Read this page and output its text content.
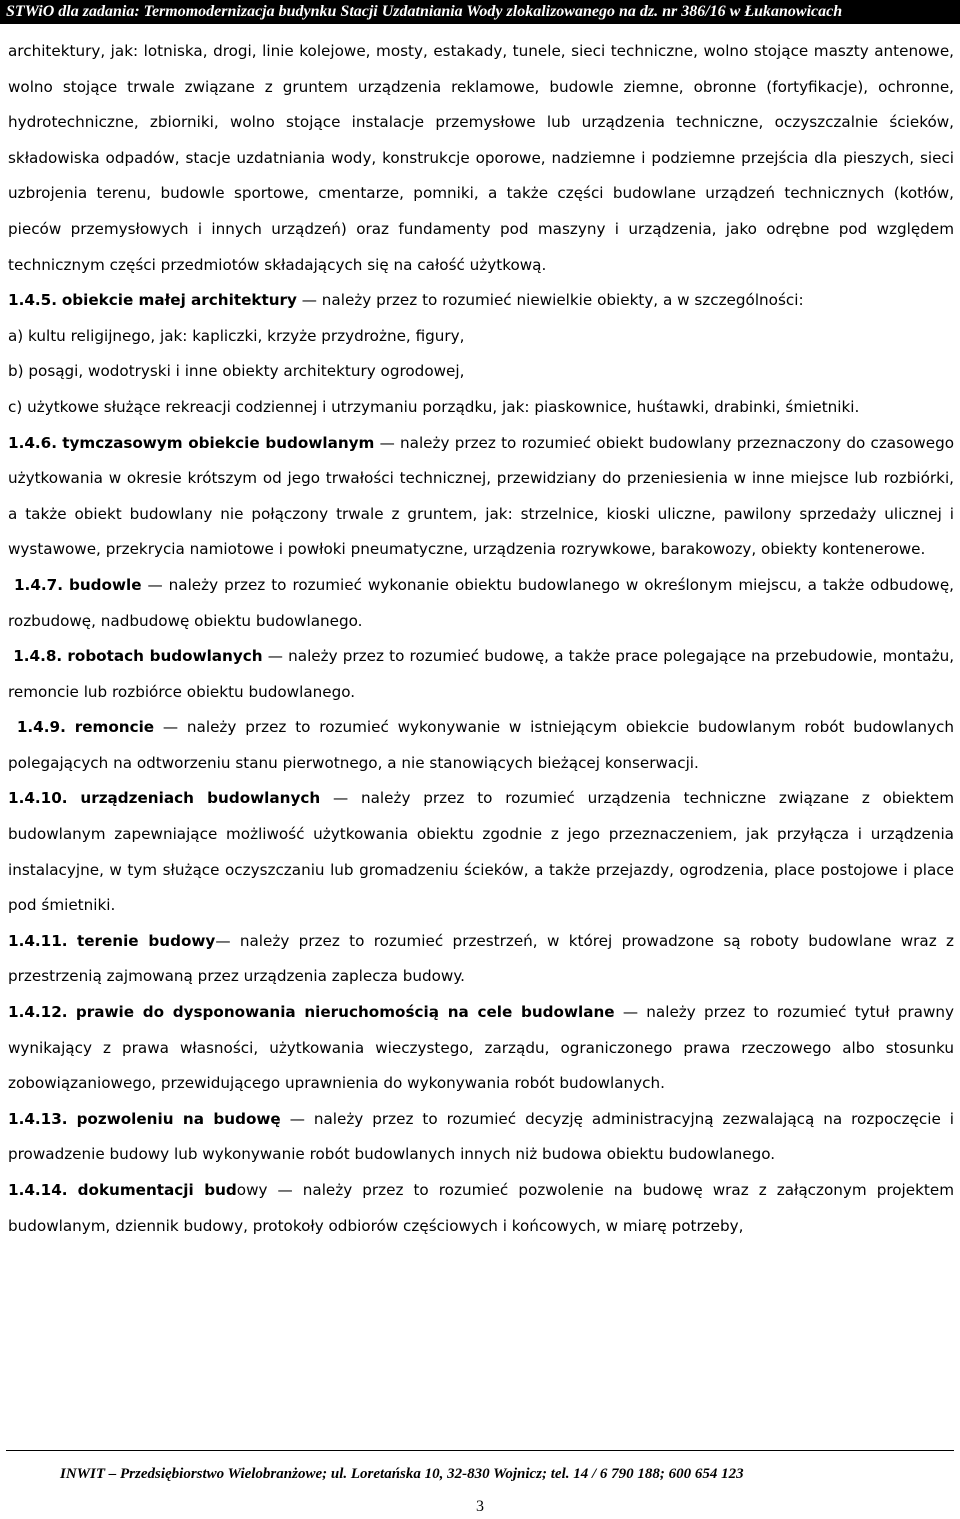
STWiO dla zadania: Termomodernizacja budynku Stacji Uzdatniania Wody zlokalizowanego na dz. nr 386/16 w Łukanowicach

architektury, jak: lotniska, drogi, linie kolejowe, mosty, estakady, tunele, sieci techniczne, wolno stojące maszty antenowe, wolno stojące trwale związane z gruntem urządzenia reklamowe, budowle ziemne, obronne (fortyfikacje), ochronne, hydrotechniczne, zbiorniki, wolno stojące instalacje przemysłowe lub urządzenia techniczne, oczyszczalnie ścieków, składowiska odpadów, stacje uzdatniania wody, konstrukcje oporowe, nadziemne i podziemne przejścia dla pieszych, sieci uzbrojenia terenu, budowle sportowe, cmentarze, pomniki, a także części budowlane urządzeń technicznych (kotłów, pieców przemysłowych i innych urządzeń) oraz fundamenty pod maszyny i urządzenia, jako odrębne pod względem technicznym części przedmiotów składających się na całość użytkową.

1.4.5. obiekcie małej architektury — należy przez to rozumieć niewielkie obiekty, a w szczególności:

a) kultu religijnego, jak: kapliczki, krzyże przydrożne, figury,

b) posągi, wodotryski i inne obiekty architektury ogrodowej,

c) użytkowe służące rekreacji codziennej i utrzymaniu porządku, jak: piaskownice, huśtawki, drabinki, śmietniki.

1.4.6. tymczasowym obiekcie budowlanym — należy przez to rozumieć obiekt budowlany przeznaczony do czasowego użytkowania w okresie krótszym od jego trwałości technicznej, przewidziany do przeniesienia w inne miejsce lub rozbiórki, a także obiekt budowlany nie połączony trwale z gruntem, jak: strzelnice, kioski uliczne, pawilony sprzedaży ulicznej i wystawowe, przekrycia namiotowe i powłoki pneumatyczne, urządzenia rozrywkowe, barakowozy, obiekty kontenerowe.

1.4.7. budowle — należy przez to rozumieć wykonanie obiektu budowlanego w określonym miejscu, a także odbudowę, rozbudowę, nadbudowę obiektu budowlanego.

1.4.8. robotach budowlanych — należy przez to rozumieć budowę, a także prace polegające na przebudowie, montażu, remoncie lub rozbiórce obiektu budowlanego.

1.4.9. remoncie — należy przez to rozumieć wykonywanie w istniejącym obiekcie budowlanym robót budowlanych polegających na odtworzeniu stanu pierwotnego, a nie stanowiących bieżącej konserwacji.

1.4.10. urządzeniach budowlanych — należy przez to rozumieć urządzenia techniczne związane z obiektem budowlanym zapewniające możliwość użytkowania obiektu zgodnie z jego przeznaczeniem, jak przyłącza i urządzenia instalacyjne, w tym służące oczyszczaniu lub gromadzeniu ścieków, a także przejazdy, ogrodzenia, place postojowe i place pod śmietniki.

1.4.11. terenie budowy— należy przez to rozumieć przestrzeń, w której prowadzone są roboty budowlane wraz z przestrzenią zajmowaną przez urządzenia zaplecza budowy.

1.4.12. prawie do dysponowania nieruchomością na cele budowlane — należy przez to rozumieć tytuł prawny wynikający z prawa własności, użytkowania wieczystego, zarządu, ograniczonego prawa rzeczowego albo stosunku zobowiązaniowego, przewidującego uprawnienia do wykonywania robót budowlanych.

1.4.13. pozwoleniu na budowę — należy przez to rozumieć decyzję administracyjną zezwalającą na rozpoczęcie i prowadzenie budowy lub wykonywanie robót budowlanych innych niż budowa obiektu budowlanego.

1.4.14. dokumentacji budowy — należy przez to rozumieć pozwolenie na budowę wraz z załączonym projektem budowlanym, dziennik budowy, protokoły odbiorów częściowych i końcowych, w miarę potrzeby,

INWIT – Przedsiębiorstwo Wielobranżowe; ul. Loretańska 10, 32-830 Wojnicz; tel. 14 / 6 790 188; 600 654 123
3
